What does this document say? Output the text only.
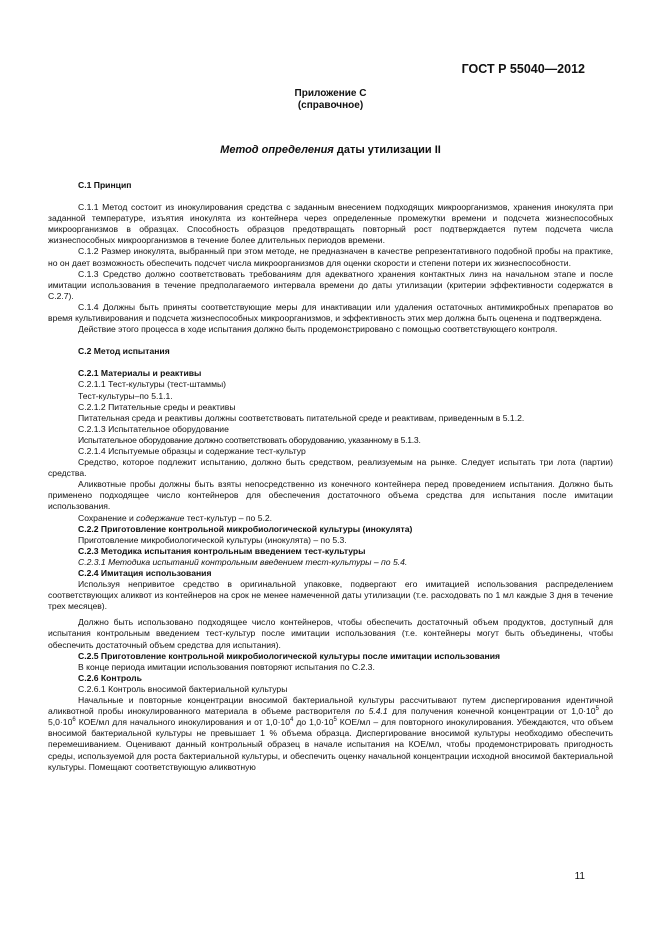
ГОСТ Р 55040—2012
Приложение С
(справочное)
Метод определения даты утилизации II

С.1 Принцип

С.1.1 Метод состоит из инокулирования средства с заданным внесением подходящих микроорганизмов, хранения инокулята при заданной температуре, изъятия инокулята из контейнера через определенные промежутки времени и подсчета жизнеспособных микроорганизмов в образцах. Способность образцов предотвращать повторный рост подтверждается путем подсчета числа жизнеспособных микроорганизмов в течение более длительных периодов времени.

С.1.2 Размер инокулята, выбранный при этом методе, не предназначен в качестве репрезентативного подобной пробы на практике, но он дает возможность обеспечить подсчет числа микроорганизмов для оценки скорости и степени потери их жизнеспособности.

С.1.3 Средство должно соответствовать требованиям для адекватного хранения контактных линз на начальном этапе и после имитации использования в течение предполагаемого интервала времени до даты утилизации (критерии эффективности содержатся в С.2.7).

С.1.4 Должны быть приняты соответствующие меры для инактивации или удаления остаточных антимикробных препаратов во время культивирования и подсчета жизнеспособных микроорганизмов, и эффективность этих мер должна быть оценена и подтверждена.

Действие этого процесса в ходе испытания должно быть продемонстрировано с помощью соответствующего контроля.

С.2 Метод испытания

С.2.1 Материалы и реактивы

С.2.1.1 Тест-культуры (тест-штаммы)

Тест-культуры–по 5.1.1.

С.2.1.2 Питательные среды и реактивы

Питательная среда и реактивы должны соответствовать питательной среде и реактивам, приведенным в 5.1.2.

С.2.1.3 Испытательное оборудование

Испытательное оборудование должно соответствовать оборудованию, указанному в 5.1.3.

С.2.1.4 Испытуемые образцы и содержание тест-культур

Средство, которое подлежит испытанию, должно быть средством, реализуемым на рынке. Следует испытать три лота (партии) средства.

Аликвотные пробы должны быть взяты непосредственно из конечного контейнера перед проведением испытания. Должно быть применено подходящее число контейнеров для обеспечения достаточного объема средства для испытания после имитации использования.

Сохранение и содержание тест-культур – по 5.2.

С.2.2 Приготовление контрольной микробиологической культуры (инокулята)

Приготовление микробиологической культуры (инокулята) – по 5.3.

С.2.3 Методика испытания контрольным введением тест-культуры

С.2.3.1 Методика испытаний контрольным введением тест-культуры – по 5.4.

С.2.4 Имитация использования

Используя непривитое средство в оригинальной упаковке, подвергают его имитацией использования распределением соответствующих аликвот из контейнеров на срок не менее намеченной даты утилизации (т.е. расходовать по 1 мл каждые 3 дня в течение трех месяцев).

Должно быть использовано подходящее число контейнеров, чтобы обеспечить достаточный объем продуктов, доступный для испытания контрольным введением тест-культур после имитации использования (т.е. контейнеры могут быть объединены, чтобы обеспечить достаточный объем средства для испытания).

С.2.5 Приготовление контрольной микробиологической культуры после имитации использования

В конце периода имитации использования повторяют испытания по С.2.3.

С.2.6 Контроль

С.2.6.1 Контроль вносимой бактериальной культуры

Начальные и повторные концентрации вносимой бактериальной культуры рассчитывают путем диспергирования идентичной аликвотной пробы инокулированного материала в объеме растворителя по 5.4.1 для получения конечной концентрации от $1,0\cdot 10^5$ до $5,0\cdot 10^6$ КОЕ/мл для начального инокулирования и от $1,0\cdot 10^4$ до $1,0\cdot 10^5$ КОЕ/мл – для повторного инокулирования. Убеждаются, что объем вносимой бактериальной культуры не превышает 1 % объема образца. Диспергирование вносимой культуры необходимо обеспечить перемешиванием. Оценивают данный контрольный образец в начале испытания на КОЕ/мл, чтобы продемонстрировать пригодность среды, используемой для роста бактериальной культуры, и обеспечить оценку начальной концентрации исходной вносимой бактериальной культуры. Помещают соответствующую аликвотную

11
